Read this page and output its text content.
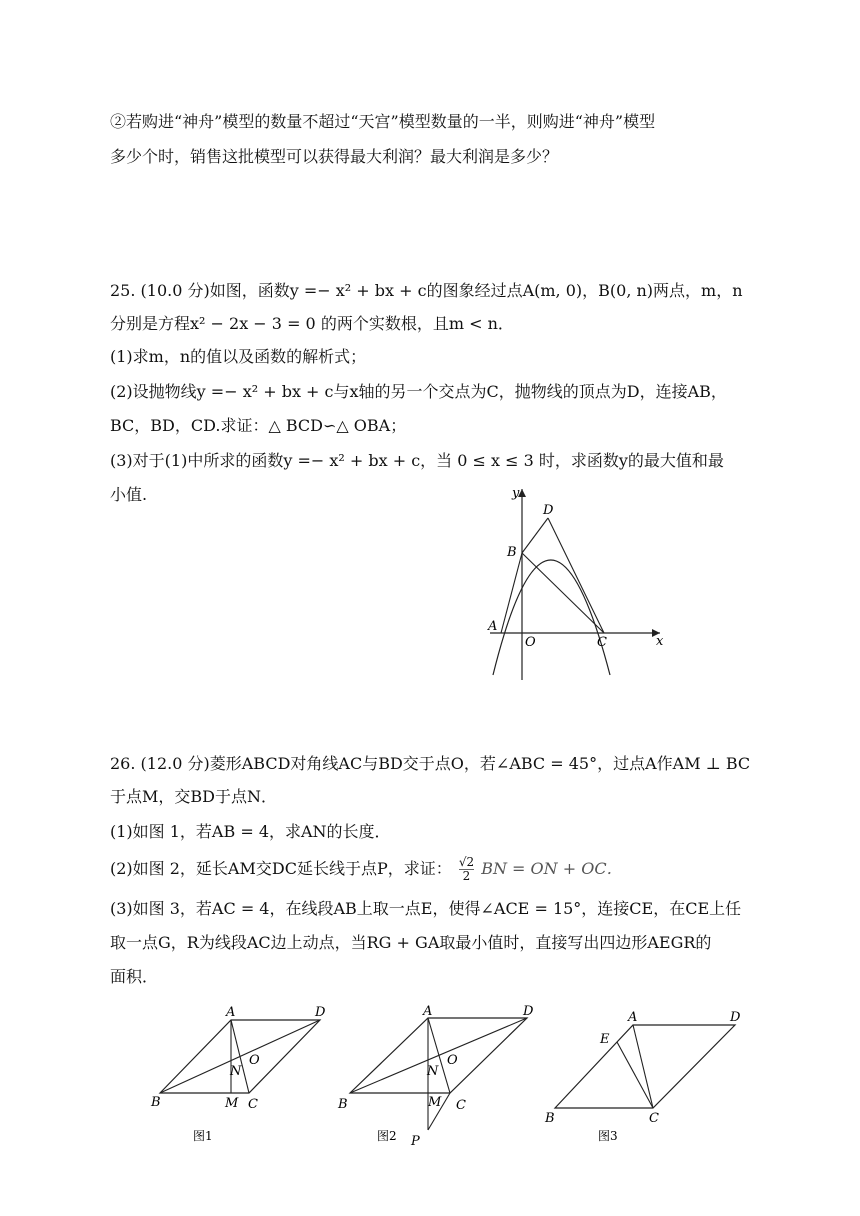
②若购进“神舟”模型的数量不超过“天宫”模型数量的一半，则购进“神舟”模型
多少个时，销售这批模型可以获得最大利润？最大利润是多少？
25. (10.0 分)如图，函数y =− x² + bx + c的图象经过点A(m, 0)，B(0, n)两点，m，n
分别是方程x² − 2x − 3 = 0 的两个实数根，且m < n．
(1)求m，n的值以及函数的解析式；
(2)设抛物线y =− x² + bx + c与x轴的另一个交点为C，抛物线的顶点为D，连接AB，
BC，BD，CD.求证：△ BCD∽△ OBA；
(3)对于(1)中所求的函数y =− x² + bx + c，当 0 ≤ x ≤ 3 时，求函数y的最大值和最
小值.	y
x
D
B
A
O	C
26. (12.0 分)菱形ABCD对角线AC与BD交于点O，若∠ABC = 45°，过点A作AM ⊥ BC
于点M，交BD于点N．
(1)如图 1，若AB = 4，求AN的长度．
(2)如图 2，延长AM交DC延长线于点P，求证： $\frac{√2}{2}$ BN = ON + OC．
(3)如图 3，若AC = 4，在线段AB上取一点E，使得∠ACE = 15°，连接CE，在CE上任
取一点G，R为线段AC边上动点，当RG + GA取最小值时，直接写出四边形AEGR的
面积．
A	D
B	M C
N
O
图1
A	D
B	M C
N
O
P
图2
A	D
E
B	C
图3
